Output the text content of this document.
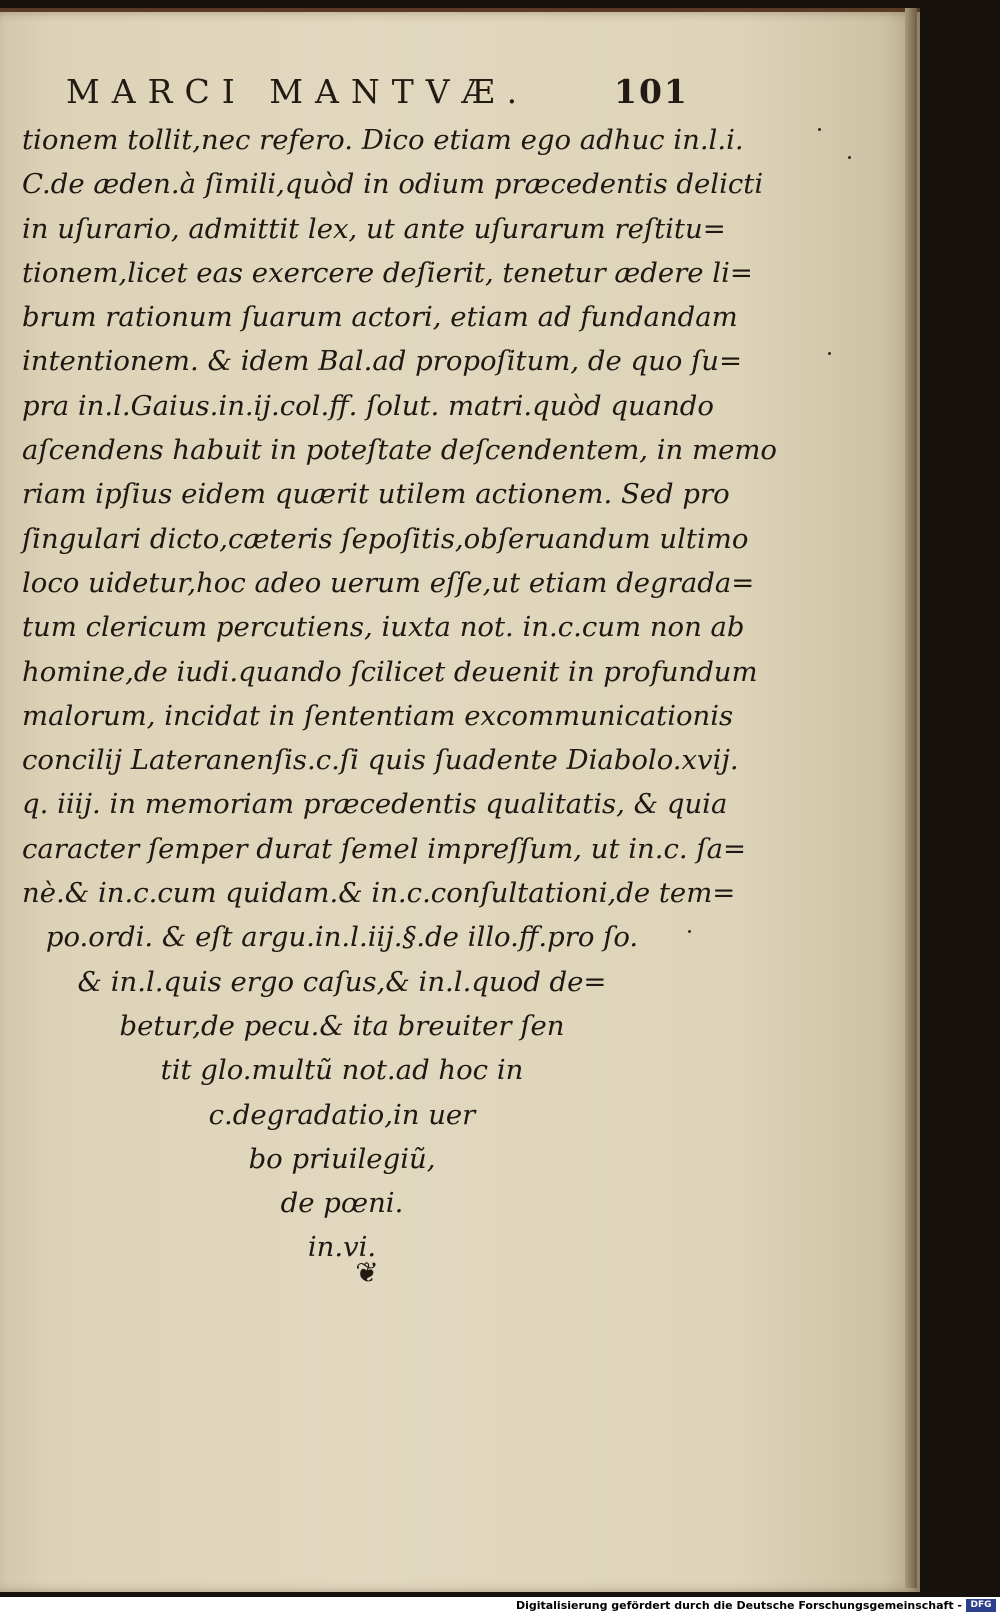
MARCI MANTVÆ.	101
tionem tollit,nec refero. Dico etiam ego adhuc in.l.i.
C.de æden.à ſimili,quòd in odium præcedentis delicti
in uſurario, admittit lex, ut ante uſurarum reſtitu=
tionem,licet eas exercere deſierit, tenetur ædere li=
brum rationum ſuarum actori, etiam ad fundandam
intentionem. & idem Bal.ad propoſitum, de quo ſu=
pra in.l.Gaius.in.ij.col.ff. ſolut. matri.quòd quando
aſcendens habuit in poteſtate deſcendentem, in memo
riam ipſius eidem quærit utilem actionem. Sed pro
ſingulari dicto,cæteris ſepoſitis,obſeruandum ultimo
loco uidetur,hoc adeo uerum eſſe,ut etiam degrada=
tum clericum percutiens, iuxta not. in.c.cum non ab
homine,de iudi.quando ſcilicet deuenit in profundum
malorum, incidat in ſententiam excommunicationis
concilij Lateranenſis.c.ſi quis ſuadente Diabolo.xvij.
q. iiij. in memoriam præcedentis qualitatis, & quia
caracter ſemper durat ſemel impreſſum, ut in.c. ſa=
nè.& in.c.cum quidam.& in.c.conſultationi,de tem=
po.ordi. & eſt argu.in.l.iij.§.de illo.ff.pro ſo.
& in.l.quis ergo caſus,& in.l.quod de=
betur,de pecu.& ita breuiter ſen
tit glo.multũ not.ad hoc in
c.degradatio,in uer
bo priuilegiũ,
de pœni.
in.vi.
❦
Digitalisierung gefördert durch die Deutsche Forschungsgemeinschaft - DFG
